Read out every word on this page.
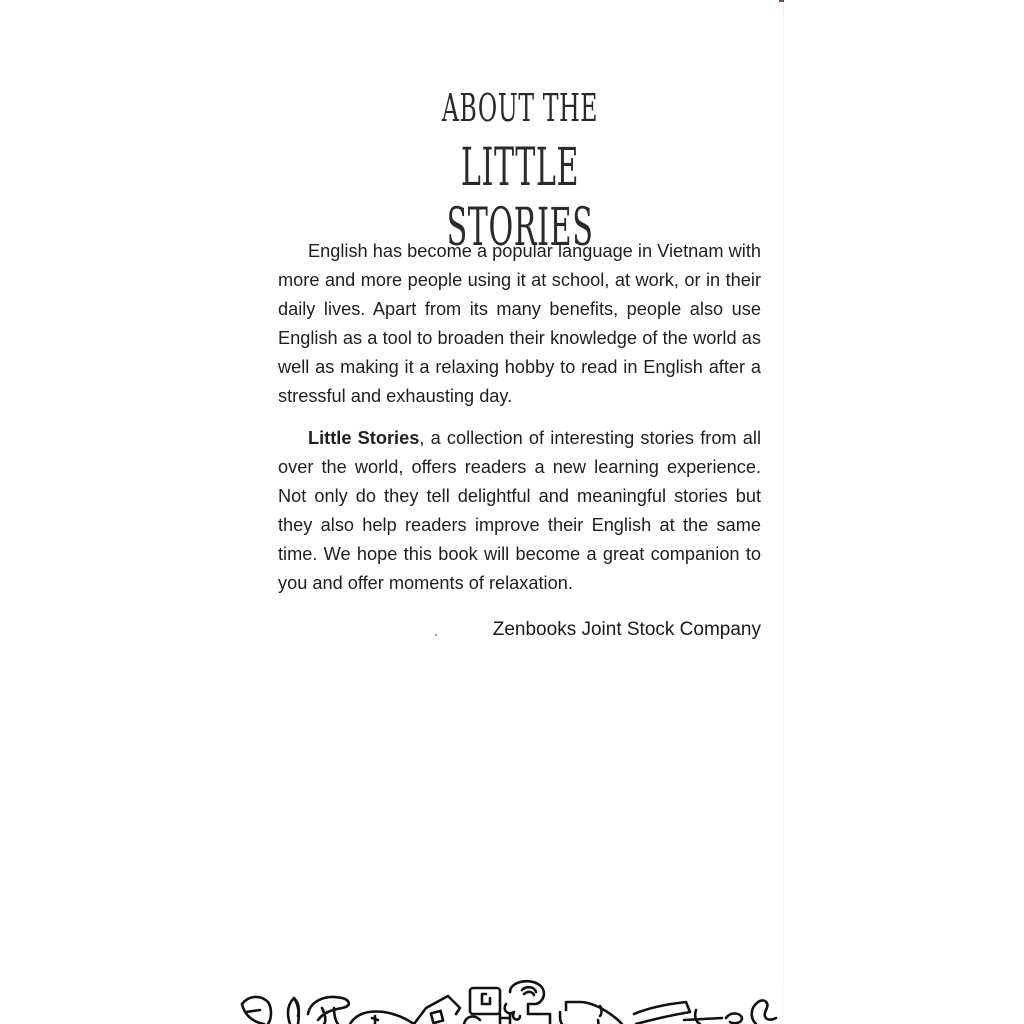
ABOUT THE
LITTLE STORIES

English has become a popular language in Vietnam with more and more people using it at school, at work, or in their daily lives. Apart from its many benefits, people also use English as a tool to broaden their knowledge of the world as well as making it a relaxing hobby to read in English after a stressful and exhausting day.

Little Stories, a collection of interesting stories from all over the world, offers readers a new learning experience. Not only do they tell delightful and meaningful stories but they also help readers improve their English at the same time. We hope this book will become a great companion to you and offer moments of relaxation.

Zenbooks Joint Stock Company
